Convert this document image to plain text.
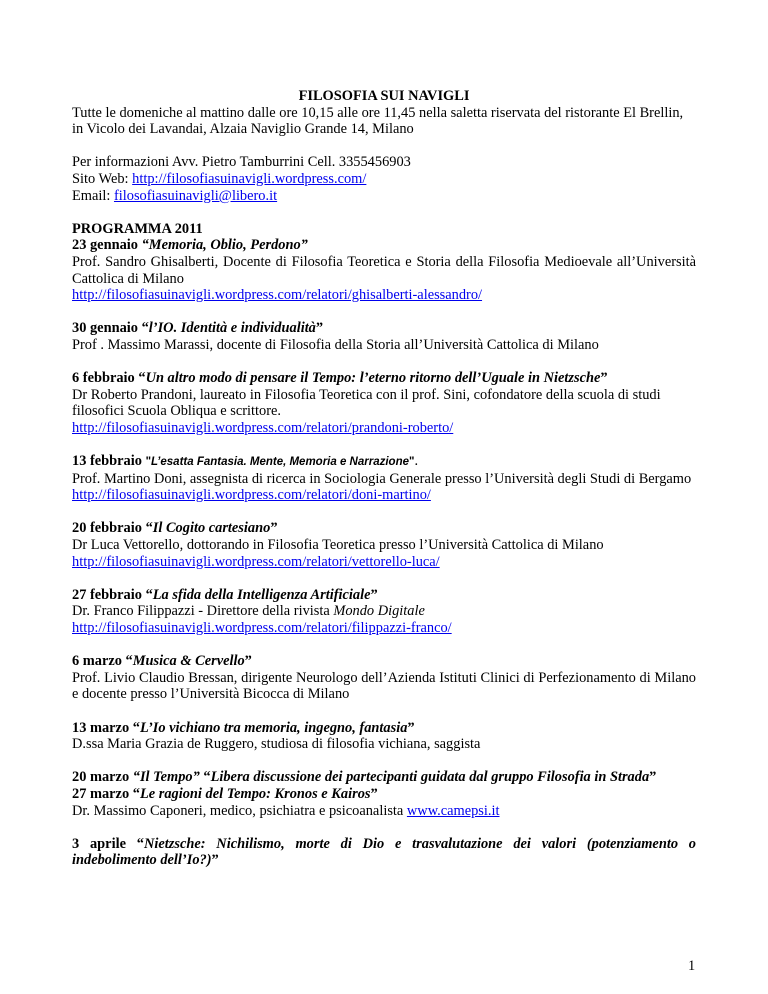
FILOSOFIA SUI NAVIGLI

Tutte le domeniche al mattino dalle ore 10,15 alle ore 11,45 nella saletta riservata del ristorante El Brellin, in Vicolo dei Lavandai, Alzaia Naviglio Grande 14, Milano

Per informazioni Avv. Pietro Tamburrini Cell. 3355456903

Sito Web: http://filosofiasuinavigli.wordpress.com/

Email: filosofiasuinavigli@libero.it

PROGRAMMA 2011

23 gennaio “Memoria, Oblio, Perdono”

Prof. Sandro Ghisalberti, Docente di Filosofia Teoretica e Storia della Filosofia Medioevale all’Università Cattolica di Milano

http://filosofiasuinavigli.wordpress.com/relatori/ghisalberti-alessandro/

30 gennaio “l’IO. Identità e individualità”

Prof . Massimo Marassi, docente di Filosofia della Storia all’Università Cattolica di Milano

6 febbraio “Un altro modo di pensare il Tempo: l’eterno ritorno dell’Uguale in Nietzsche”

Dr Roberto Prandoni, laureato in Filosofia Teoretica con il prof. Sini, cofondatore della scuola di studi filosofici Scuola Obliqua e scrittore.

http://filosofiasuinavigli.wordpress.com/relatori/prandoni-roberto/

13 febbraio "L’esatta Fantasia. Mente, Memoria e Narrazione".

Prof. Martino Doni, assegnista di ricerca in Sociologia Generale presso l’Università degli Studi di Bergamo

http://filosofiasuinavigli.wordpress.com/relatori/doni-martino/

20 febbraio “Il Cogito cartesiano”

Dr Luca Vettorello, dottorando in Filosofia Teoretica presso l’Università Cattolica di Milano

http://filosofiasuinavigli.wordpress.com/relatori/vettorello-luca/

27 febbraio “La sfida della Intelligenza Artificiale”

Dr. Franco Filippazzi - Direttore della rivista Mondo Digitale

http://filosofiasuinavigli.wordpress.com/relatori/filippazzi-franco/

6 marzo “Musica & Cervello”

Prof. Livio Claudio Bressan, dirigente Neurologo dell’Azienda Istituti Clinici di Perfezionamento di Milano e docente presso l’Università Bicocca di Milano

13 marzo “L’Io vichiano tra memoria, ingegno, fantasia”

D.ssa Maria Grazia de Ruggero, studiosa di filosofia vichiana, saggista

20 marzo “Il Tempo” “Libera discussione dei partecipanti guidata dal gruppo Filosofia in Strada”

27 marzo “Le ragioni del Tempo: Kronos e Kairos”

Dr. Massimo Caponeri, medico, psichiatra e psicoanalista www.camepsi.it

3 aprile “Nietzsche: Nichilismo, morte di Dio e trasvalutazione dei valori (potenziamento o indebolimento dell’Io?)”

1
